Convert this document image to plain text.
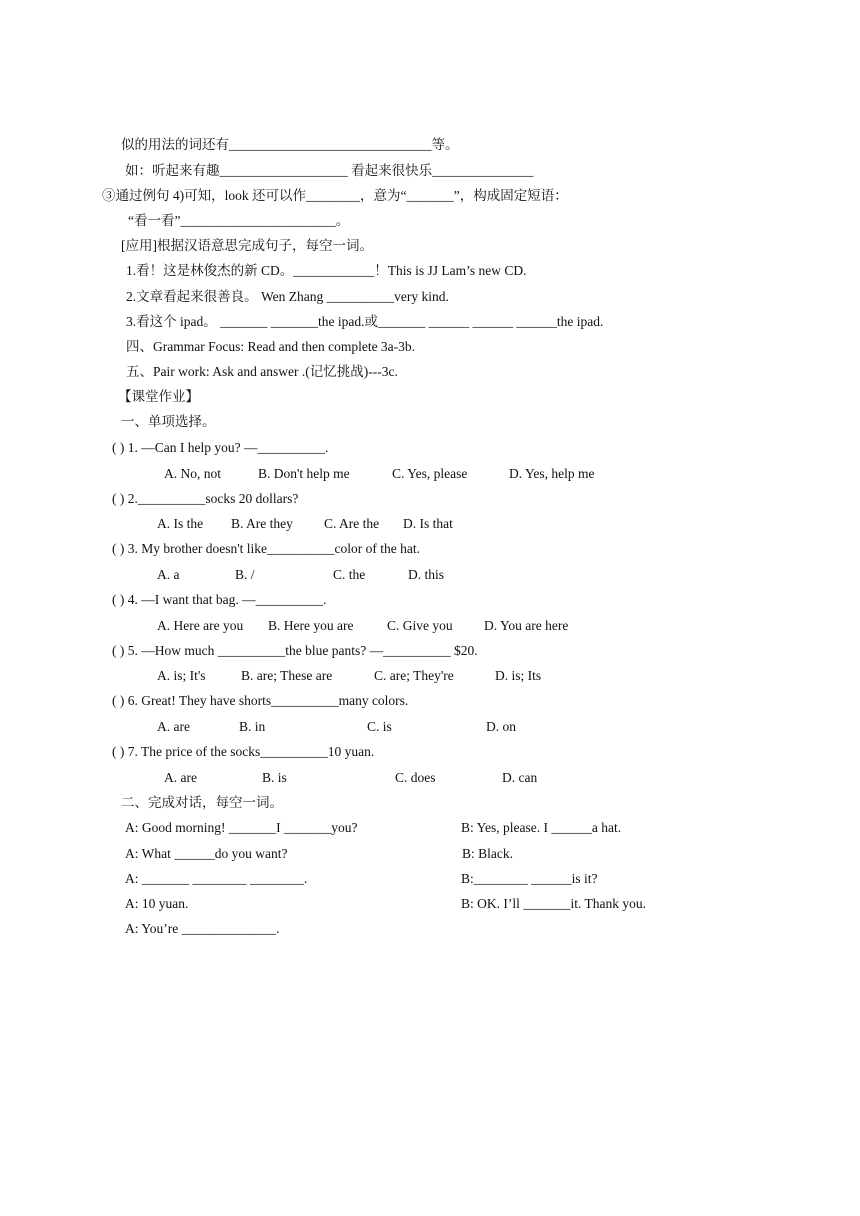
似的用法的词还有______________________________等。
如：听起来有趣___________________ 看起来很快乐_______________
③通过例句 4)可知，look 还可以作________，意为“_______”，构成固定短语：
“看一看”_______________________。
[应用]根据汉语意思完成句子，每空一词。
1.看！这是林俊杰的新 CD。____________！This is JJ Lam’s new CD.
2.文章看起来很善良。 Wen Zhang __________very kind.
3.看这个 ipad。 _______ _______the ipad.或_______ ______ ______ ______the ipad.
四、Grammar Focus: Read and then complete 3a-3b.
五、Pair work: Ask and answer .(记忆挑战)---3c.
【课堂作业】
一、单项选择。
( ) 1. —Can I help you? —__________.
A. No, not	B. Don't help me	C. Yes, please	D. Yes, help me
( ) 2.__________socks 20 dollars?
A. Is the B. Are they C. Are the D. Is that
( ) 3. My brother doesn't like__________color of the hat.
A. a	B. /	C. the	D. this
( ) 4. —I want that bag. —__________.
A. Here are you B. Here you are C. Give you D. You are here
( ) 5. —How much __________the blue pants? —__________ $20.
A. is; It's	B. are; These are	C. are; They're	D. is; Its
( ) 6. Great! They have shorts__________many colors.
A. are	B. in	C. is	D. on
( ) 7. The price of the socks__________10 yuan.
A. are	B. is	C. does	D. can
二、完成对话，每空一词。
A: Good morning! _______I _______you?	B: Yes, please. I ______a hat.
A: What ______do you want?	B: Black.
A: _______ ________ ________.	B:________ ______is it?
A: 10 yuan.	B: OK. I’ll _______it. Thank you.
A: You’re ______________.
